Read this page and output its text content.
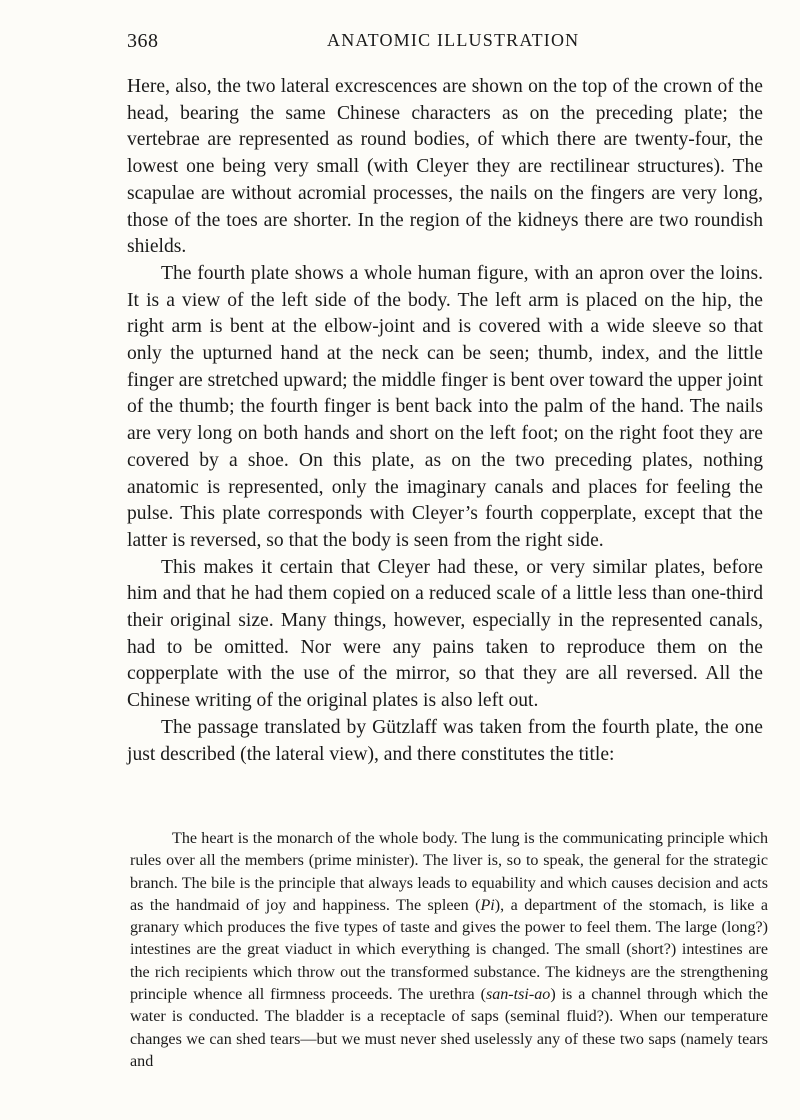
368	ANATOMIC ILLUSTRATION

Here, also, the two lateral excrescences are shown on the top of the crown of the head, bearing the same Chinese characters as on the preceding plate; the vertebrae are represented as round bodies, of which there are twenty-four, the lowest one being very small (with Cleyer they are rectilinear structures). The scapulae are without acromial processes, the nails on the fingers are very long, those of the toes are shorter. In the region of the kidneys there are two roundish shields.

The fourth plate shows a whole human figure, with an apron over the loins. It is a view of the left side of the body. The left arm is placed on the hip, the right arm is bent at the elbow-joint and is covered with a wide sleeve so that only the upturned hand at the neck can be seen; thumb, index, and the little finger are stretched upward; the middle finger is bent over toward the upper joint of the thumb; the fourth finger is bent back into the palm of the hand. The nails are very long on both hands and short on the left foot; on the right foot they are covered by a shoe. On this plate, as on the two preceding plates, nothing anatomic is represented, only the imaginary canals and places for feeling the pulse. This plate corresponds with Cleyer’s fourth copperplate, except that the latter is reversed, so that the body is seen from the right side.

This makes it certain that Cleyer had these, or very similar plates, before him and that he had them copied on a reduced scale of a little less than one-third their original size. Many things, however, especially in the represented canals, had to be omitted. Nor were any pains taken to reproduce them on the copperplate with the use of the mirror, so that they are all reversed. All the Chinese writing of the original plates is also left out.

The passage translated by Gützlaff was taken from the fourth plate, the one just described (the lateral view), and there constitutes the title:

The heart is the monarch of the whole body. The lung is the communicating principle which rules over all the members (prime minister). The liver is, so to speak, the general for the strategic branch. The bile is the principle that always leads to equability and which causes decision and acts as the handmaid of joy and happiness. The spleen (Pi), a department of the stomach, is like a granary which produces the five types of taste and gives the power to feel them. The large (long?) intestines are the great viaduct in which everything is changed. The small (short?) intestines are the rich recipients which throw out the transformed substance. The kidneys are the strengthening principle whence all firmness proceeds. The urethra (san-tsi-ao) is a channel through which the water is conducted. The bladder is a receptacle of saps (seminal fluid?). When our temperature changes we can shed tears—but we must never shed uselessly any of these two saps (namely tears and
